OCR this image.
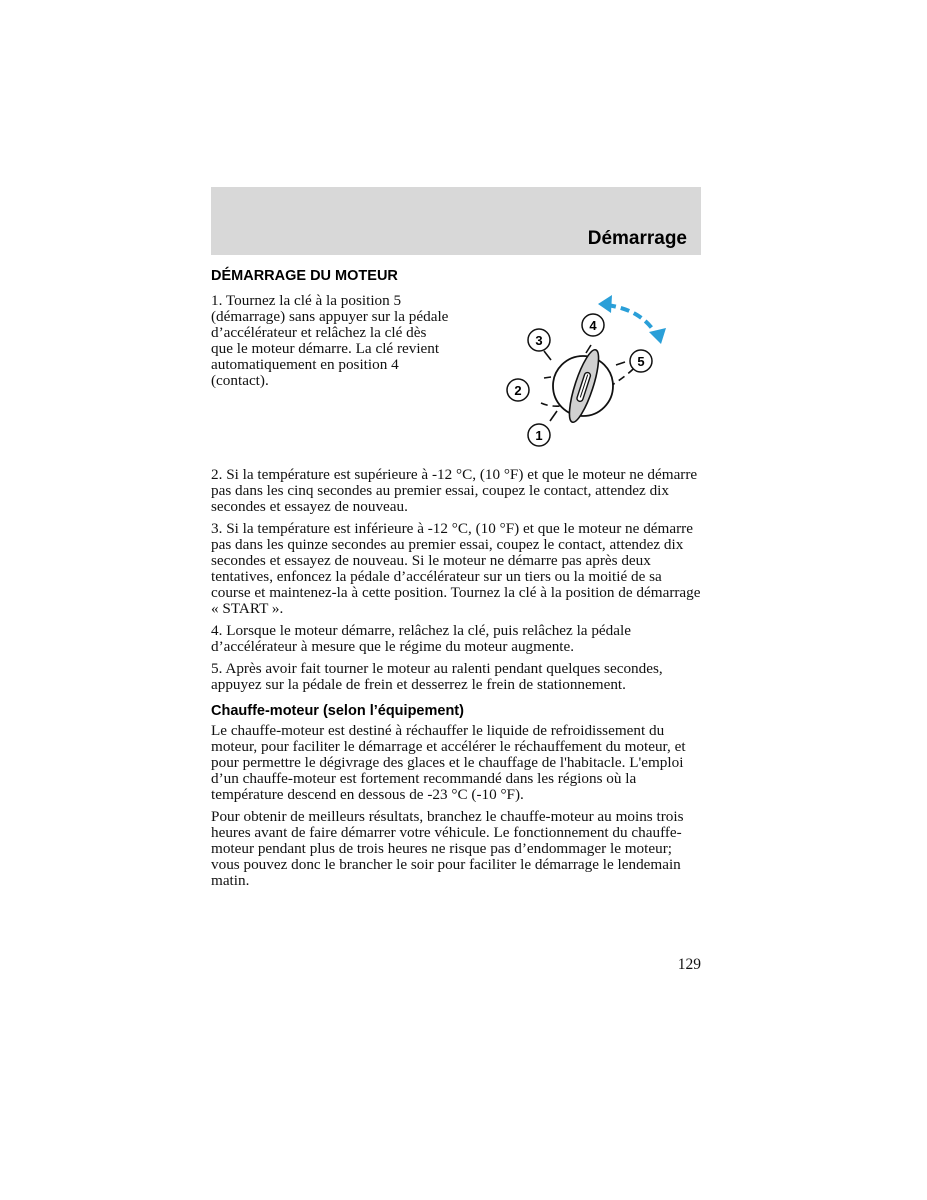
Démarrage
DÉMARRAGE DU MOTEUR

1. Tournez la clé à la position 5 (démarrage) sans appuyer sur la pédale d’accélérateur et relâchez la clé dès que le moteur démarre. La clé revient automatiquement en position 4 (contact).

1
2
3
4
5

2. Si la température est supérieure à -12 °C, (10 °F) et que le moteur ne démarre pas dans les cinq secondes au premier essai, coupez le contact, attendez dix secondes et essayez de nouveau.

3. Si la température est inférieure à -12 °C, (10 °F) et que le moteur ne démarre pas dans les quinze secondes au premier essai, coupez le contact, attendez dix secondes et essayez de nouveau. Si le moteur ne démarre pas après deux tentatives, enfoncez la pédale d’accélérateur sur un tiers ou la moitié de sa course et maintenez-la à cette position. Tournez la clé à la position de démarrage « START ».

4. Lorsque le moteur démarre, relâchez la clé, puis relâchez la pédale d’accélérateur à mesure que le régime du moteur augmente.

5. Après avoir fait tourner le moteur au ralenti pendant quelques secondes, appuyez sur la pédale de frein et desserrez le frein de stationnement.

Chauffe-moteur (selon l’équipement)

Le chauffe-moteur est destiné à réchauffer le liquide de refroidissement du moteur, pour faciliter le démarrage et accélérer le réchauffement du moteur, et pour permettre le dégivrage des glaces et le chauffage de l'habitacle. L'emploi d’un chauffe-moteur est fortement recommandé dans les régions où la température descend en dessous de -23 °C (-10 °F).

Pour obtenir de meilleurs résultats, branchez le chauffe-moteur au moins trois heures avant de faire démarrer votre véhicule. Le fonctionnement du chauffe-moteur pendant plus de trois heures ne risque pas d’endommager le moteur; vous pouvez donc le brancher le soir pour faciliter le démarrage le lendemain matin.

129
